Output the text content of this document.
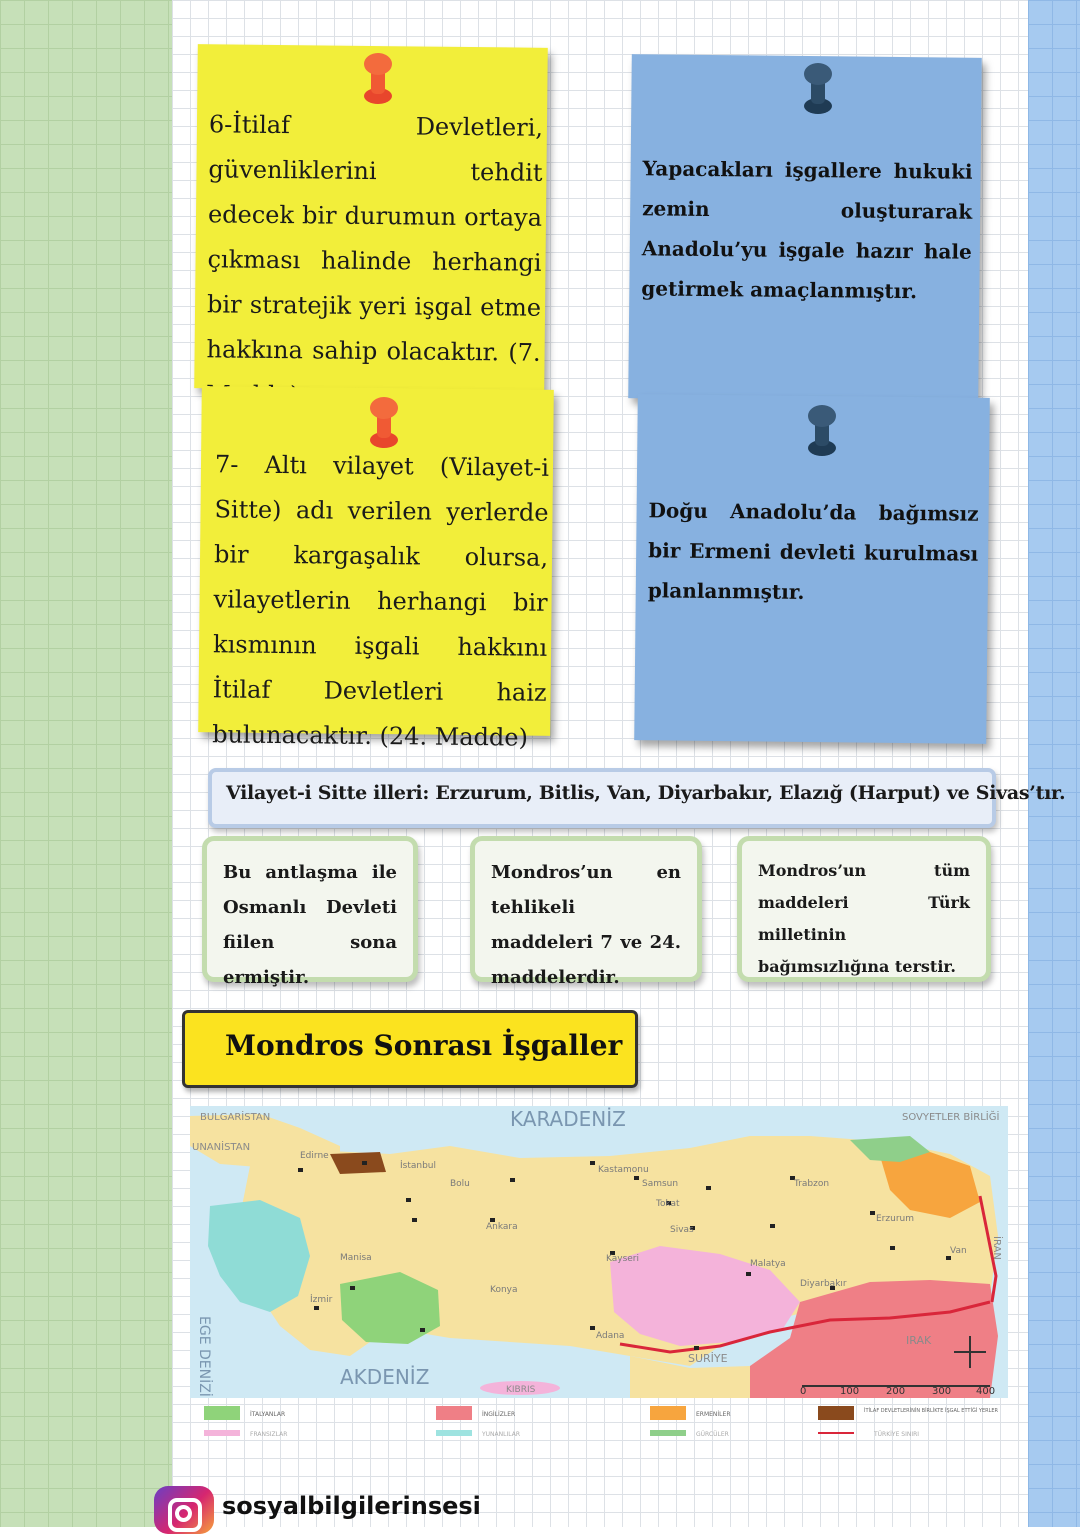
6-İtilaf Devletleri, güvenliklerini tehdit edecek bir durumun ortaya çıkması halinde herhangi bir stratejik yeri işgal etme hakkına sahip olacaktır. (7.

Yapacakları işgallere hukuki zemin oluşturarak Anadolu’yu işgale hazır hale getirmek amaçlanmıştır.

7- Altı vilayet (Vilayet-i Sitte) adı verilen yerlerde bir kargaşalık olursa, vilayetlerin herhangi bir kısmının işgali hakkını İtilaf Devletleri haiz bulunacaktır. (24. Madde)

Doğu Anadolu’da bağımsız bir Ermeni devleti kurulması planlanmıştır.

Vilayet-i Sitte illeri: Erzurum, Bitlis, Van, Diyarbakır, Elazığ (Harput) ve Sivas’tır.

Bu antlaşma ile Osmanlı Devleti fiilen sona ermiştir.

Mondros’un en tehlikeli maddeleri 7 ve 24. maddelerdir.

Mondros’un tüm maddeleri Türk milletinin bağımsızlığına terstir.

Mondros Sonrası İşgaller
İstanbul
Edirne
Bolu
Ankara
Kastamonu
Samsun	Trabzon
Erzurum
Kayseri	Malatya
Diyarbakır
Adana
İzmir
Manisa
Konya
Van
Tokat
Sivas
KARADENİZ
AKDENİZ
EGE DENİZİ
BULGARİSTAN
UNANİSTAN
SOVYETLER BİRLİĞİ
İRAN
IRAK
SURİYE
KIBRIS	0	100	200	300 400
İTALYANLAR	İNGİLİZLER	ERMENİLER	İTİLAF DEVLETLERİNİN BİRLİKTE İŞGAL ETTİĞİ YERLER
FRANSIZLAR	YUNANLILAR	GÜRCÜLER	TÜRKİYE SINIRI
sosyalbilgilerinsesi
